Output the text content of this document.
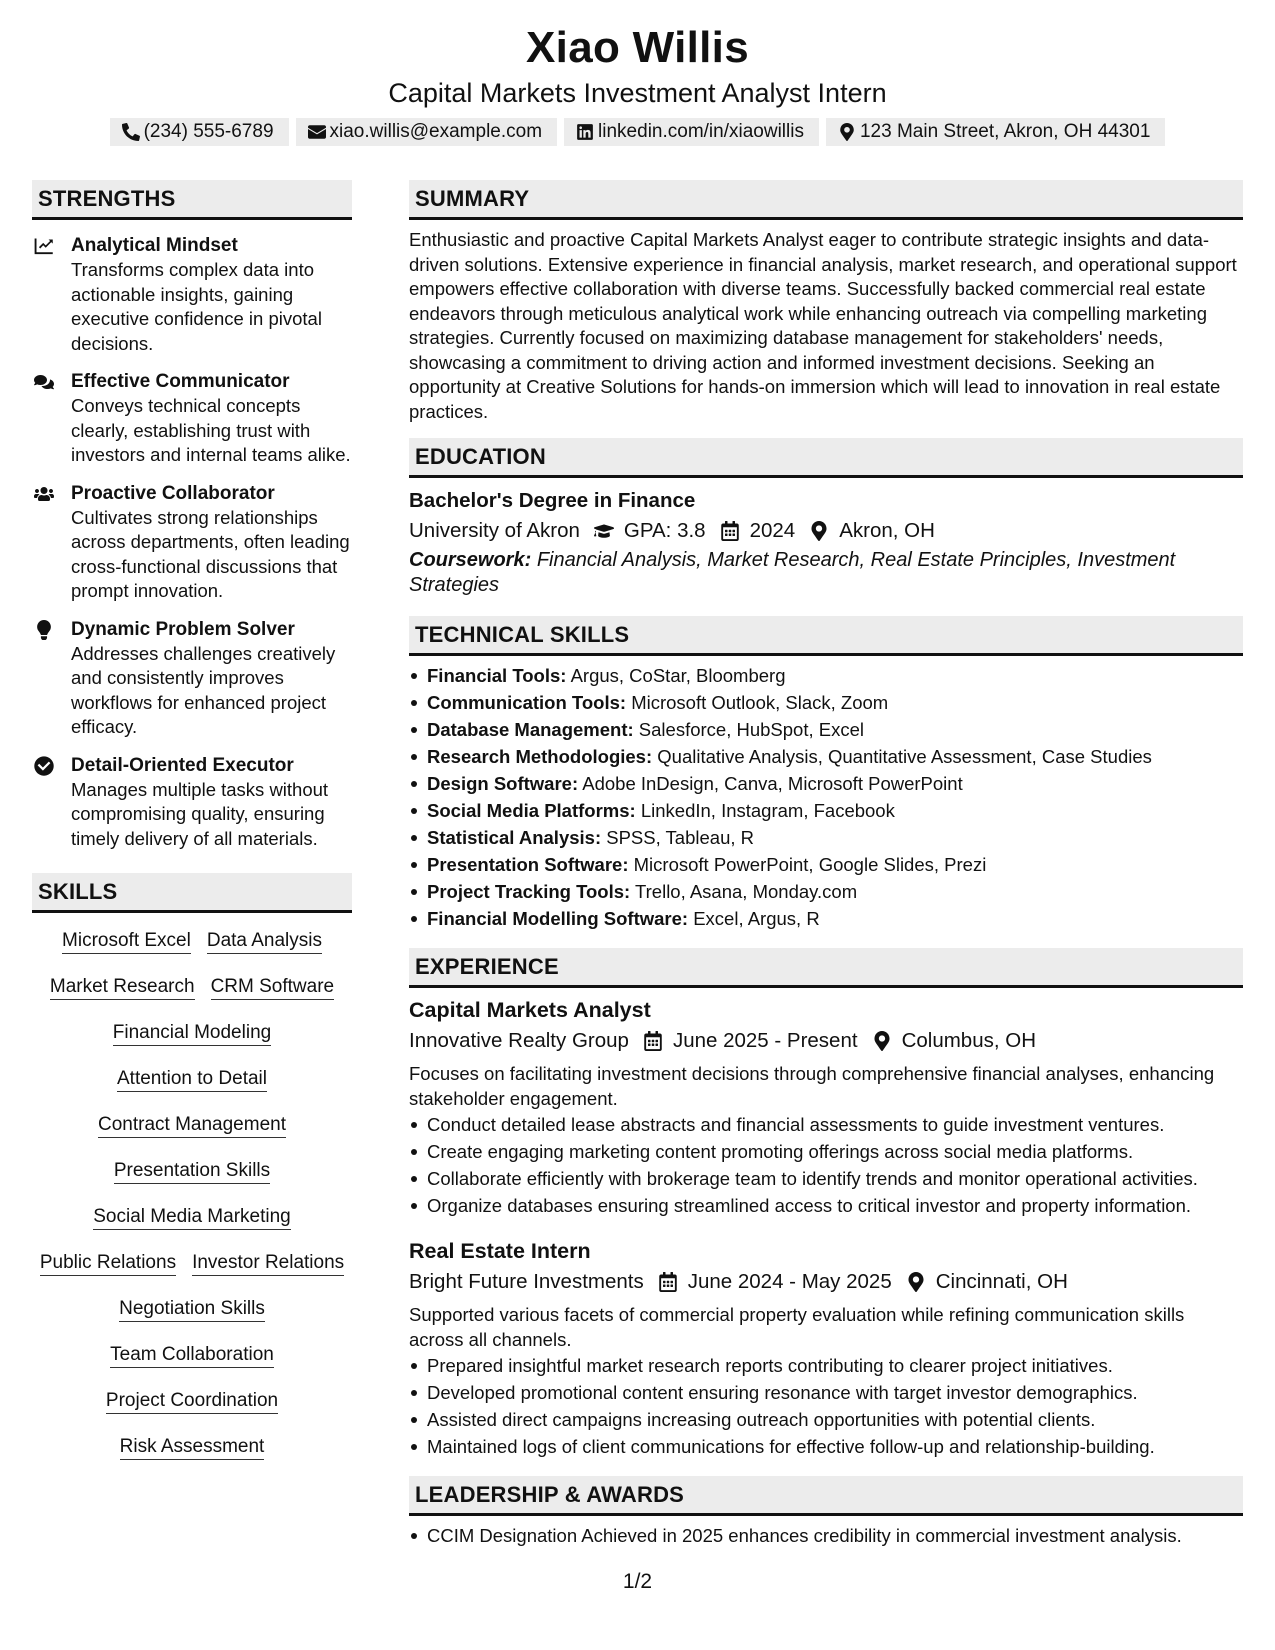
Xiao Willis
Capital Markets Investment Analyst Intern
(234) 555-6789	xiao.willis@example.com	linkedin.com/in/xiaowillis	123 Main Street, Akron, OH 44301
STRENGTHS
Analytical Mindset
Transforms complex data into actionable insights, gaining executive confidence in pivotal decisions.
Effective Communicator
Conveys technical concepts clearly, establishing trust with investors and internal teams alike.
Proactive Collaborator
Cultivates strong relationships across departments, often leading cross-functional discussions that prompt innovation.
Dynamic Problem Solver
Addresses challenges creatively and consistently improves workflows for enhanced project efficacy.
Detail-Oriented Executor
Manages multiple tasks without compromising quality, ensuring timely delivery of all materials.
SKILLS
Microsoft Excel Data Analysis
Market Research CRM Software
Financial Modeling
Attention to Detail
Contract Management
Presentation Skills
Social Media Marketing
Public Relations Investor Relations
Negotiation Skills
Team Collaboration
Project Coordination
Risk Assessment
SUMMARY
Enthusiastic and proactive Capital Markets Analyst eager to contribute strategic insights and data-driven solutions. Extensive experience in financial analysis, market research, and operational support empowers effective collaboration with diverse teams. Successfully backed commercial real estate endeavors through meticulous analytical work while enhancing outreach via compelling marketing strategies. Currently focused on maximizing database management for stakeholders' needs, showcasing a commitment to driving action and informed investment decisions. Seeking an opportunity at Creative Solutions for hands-on immersion which will lead to innovation in real estate practices.
EDUCATION
Bachelor's Degree in Finance
University of Akron GPA: 3.8 2024 Akron, OH
Coursework: Financial Analysis, Market Research, Real Estate Principles, Investment Strategies
TECHNICAL SKILLS
Financial Tools: Argus, CoStar, Bloomberg
Communication Tools: Microsoft Outlook, Slack, Zoom
Database Management: Salesforce, HubSpot, Excel
Research Methodologies: Qualitative Analysis, Quantitative Assessment, Case Studies
Design Software: Adobe InDesign, Canva, Microsoft PowerPoint
Social Media Platforms: LinkedIn, Instagram, Facebook
Statistical Analysis: SPSS, Tableau, R
Presentation Software: Microsoft PowerPoint, Google Slides, Prezi
Project Tracking Tools: Trello, Asana, Monday.com
Financial Modelling Software: Excel, Argus, R
EXPERIENCE
Capital Markets Analyst
Innovative Realty Group June 2025 - Present Columbus, OH
Focuses on facilitating investment decisions through comprehensive financial analyses, enhancing stakeholder engagement.
Conduct detailed lease abstracts and financial assessments to guide investment ventures.
Create engaging marketing content promoting offerings across social media platforms.
Collaborate efficiently with brokerage team to identify trends and monitor operational activities.
Organize databases ensuring streamlined access to critical investor and property information.
Real Estate Intern
Bright Future Investments June 2024 - May 2025 Cincinnati, OH
Supported various facets of commercial property evaluation while refining communication skills across all channels.
Prepared insightful market research reports contributing to clearer project initiatives.
Developed promotional content ensuring resonance with target investor demographics.
Assisted direct campaigns increasing outreach opportunities with potential clients.
Maintained logs of client communications for effective follow-up and relationship-building.
LEADERSHIP & AWARDS
CCIM Designation Achieved in 2025 enhances credibility in commercial investment analysis.
1/2
